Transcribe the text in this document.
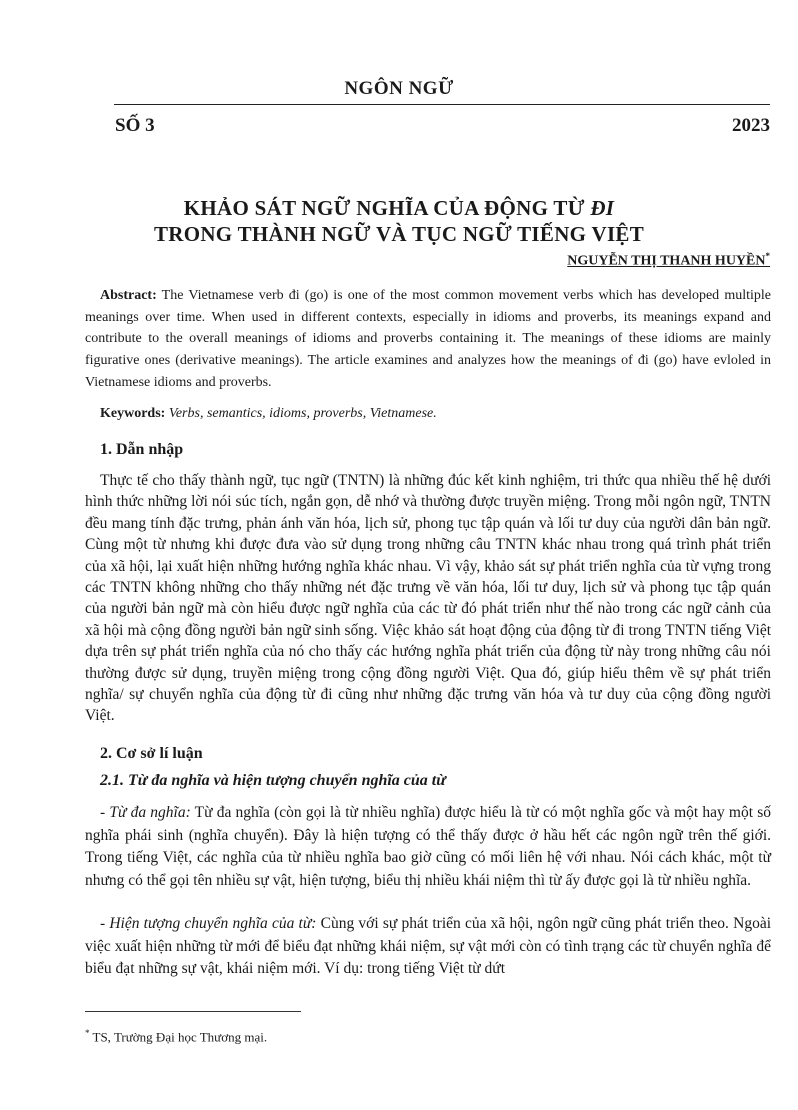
NGÔN NGỮ
SỐ 3	2023
KHẢO SÁT NGỮ NGHĨA CỦA ĐỘNG TỪ ĐI
TRONG THÀNH NGỮ VÀ TỤC NGỮ TIẾNG VIỆT
NGUYỄN THỊ THANH HUYỀN*
Abstract: The Vietnamese verb đi (go) is one of the most common movement verbs which has developed multiple meanings over time. When used in different contexts, especially in idioms and proverbs, its meanings expand and contribute to the overall meanings of idioms and proverbs containing it. The meanings of these idioms are mainly figurative ones (derivative meanings). The article examines and analyzes how the meanings of đi (go) have evloled in Vietnamese idioms and proverbs.
Keywords: Verbs, semantics, idioms, proverbs, Vietnamese.
1. Dẫn nhập
Thực tế cho thấy thành ngữ, tục ngữ (TNTN) là những đúc kết kinh nghiệm, tri thức qua nhiều thế hệ dưới hình thức những lời nói súc tích, ngắn gọn, dễ nhớ và thường được truyền miệng. Trong mỗi ngôn ngữ, TNTN đều mang tính đặc trưng, phản ánh văn hóa, lịch sử, phong tục tập quán và lối tư duy của người dân bản ngữ. Cùng một từ nhưng khi được đưa vào sử dụng trong những câu TNTN khác nhau trong quá trình phát triển của xã hội, lại xuất hiện những hướng nghĩa khác nhau. Vì vậy, khảo sát sự phát triển nghĩa của từ vựng trong các TNTN không những cho thấy những nét đặc trưng về văn hóa, lối tư duy, lịch sử và phong tục tập quán của người bản ngữ mà còn hiểu được ngữ nghĩa của các từ đó phát triển như thế nào trong các ngữ cảnh của xã hội mà cộng đồng người bản ngữ sinh sống. Việc khảo sát hoạt động của động từ đi trong TNTN tiếng Việt dựa trên sự phát triển nghĩa của nó cho thấy các hướng nghĩa phát triển của động từ này trong những câu nói thường được sử dụng, truyền miệng trong cộng đồng người Việt. Qua đó, giúp hiểu thêm về sự phát triển nghĩa/ sự chuyển nghĩa của động từ đi cũng như những đặc trưng văn hóa và tư duy của cộng đồng người Việt.
2. Cơ sở lí luận
2.1. Từ đa nghĩa và hiện tượng chuyển nghĩa của từ
- Từ đa nghĩa: Từ đa nghĩa (còn gọi là từ nhiều nghĩa) được hiểu là từ có một nghĩa gốc và một hay một số nghĩa phái sinh (nghĩa chuyển). Đây là hiện tượng có thể thấy được ở hầu hết các ngôn ngữ trên thế giới. Trong tiếng Việt, các nghĩa của từ nhiều nghĩa bao giờ cũng có mối liên hệ với nhau. Nói cách khác, một từ nhưng có thể gọi tên nhiều sự vật, hiện tượng, biểu thị nhiều khái niệm thì từ ấy được gọi là từ nhiều nghĩa.
- Hiện tượng chuyển nghĩa của từ: Cùng với sự phát triển của xã hội, ngôn ngữ cũng phát triển theo. Ngoài việc xuất hiện những từ mới để biểu đạt những khái niệm, sự vật mới còn có tình trạng các từ chuyển nghĩa để biểu đạt những sự vật, khái niệm mới. Ví dụ: trong tiếng Việt từ dứt
* TS, Trường Đại học Thương mại.
